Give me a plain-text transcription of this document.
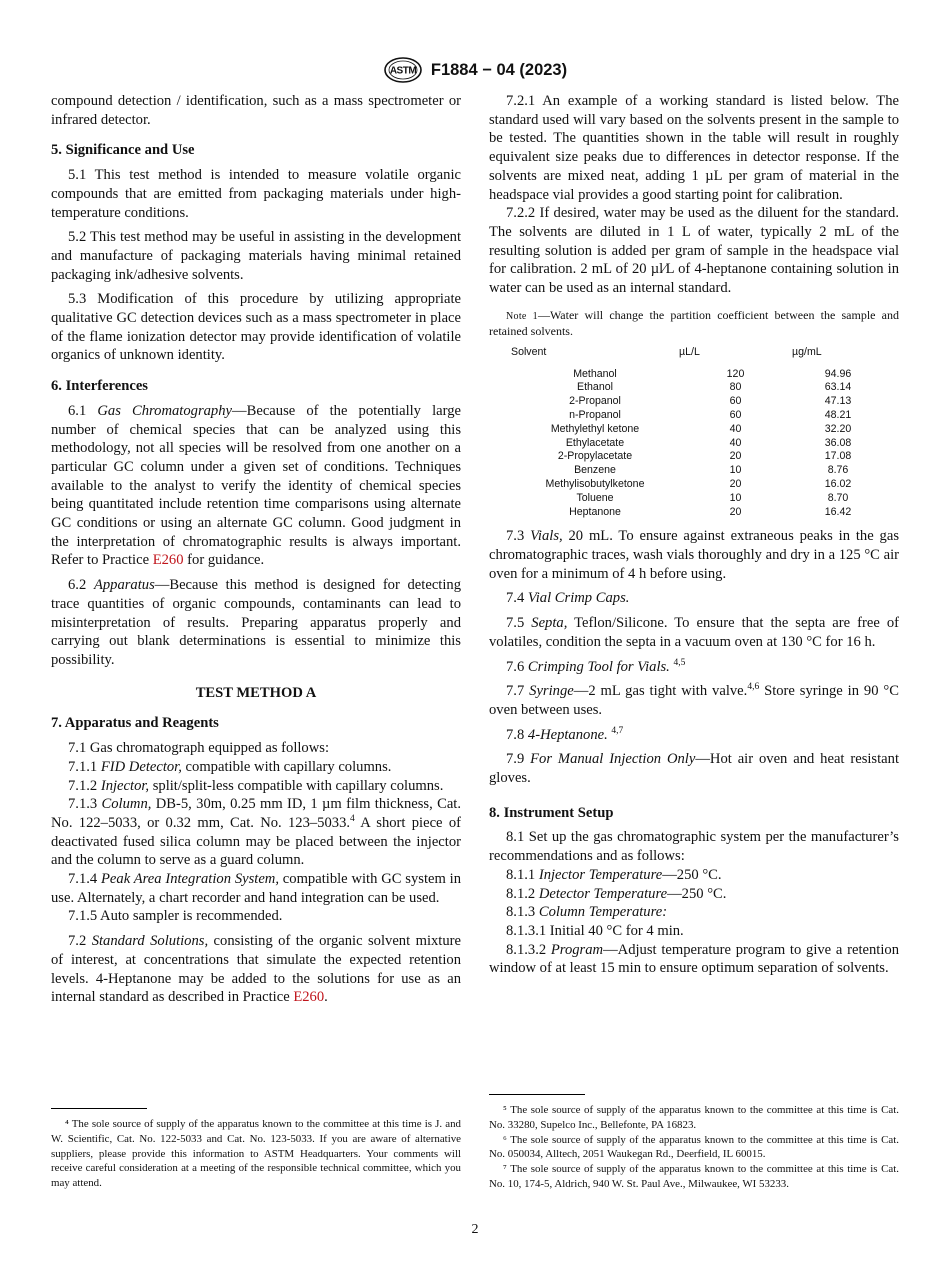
ASTM F1884 − 04 (2023)

compound detection / identification, such as a mass spectrometer or infrared detector.

5. Significance and Use

5.1 This test method is intended to measure volatile organic compounds that are emitted from packaging materials under high-temperature conditions.

5.2 This test method may be useful in assisting in the development and manufacture of packaging materials having minimal retained packaging ink/adhesive solvents.

5.3 Modification of this procedure by utilizing appropriate qualitative GC detection devices such as a mass spectrometer in place of the flame ionization detector may provide identification of volatile organics of unknown identity.

6. Interferences

6.1 Gas Chromatography—Because of the potentially large number of chemical species that can be analyzed using this methodology, not all species will be resolved from one another on a particular GC column under a given set of conditions. Techniques available to the analyst to verify the identity of chemical species being quantitated include retention time comparisons using alternate GC conditions or using an alternate GC column. Good judgment in the interpretation of chromatographic results is always important. Refer to Practice E260 for guidance.

6.2 Apparatus—Because this method is designed for detecting trace quantities of organic compounds, contaminants can lead to misinterpretation of results. Preparing apparatus properly and carrying out blank determinations is essential to minimize this possibility.

TEST METHOD A
7. Apparatus and Reagents

7.1 Gas chromatograph equipped as follows:

7.1.1 FID Detector, compatible with capillary columns.

7.1.2 Injector, split/split-less compatible with capillary columns.

7.1.3 Column, DB-5, 30m, 0.25 mm ID, 1 µm film thickness, Cat. No. 122–5033, or 0.32 mm, Cat. No. 123–5033.$^4$ A short piece of deactivated fused silica column may be placed between the injector and the column to serve as a guard column.

7.1.4 Peak Area Integration System, compatible with GC system in use. Alternately, a chart recorder and hand integration can be used.

7.1.5 Auto sampler is recommended.

7.2 Standard Solutions, consisting of the organic solvent mixture of interest, at concentrations that simulate the expected retention levels. 4-Heptanone may be added to the solutions for use as an internal standard as described in Practice E260.

⁴ The sole source of supply of the apparatus known to the committee at this time is J. and W. Scientific, Cat. No. 122-5033 and Cat. No. 123-5033. If you are aware of alternative suppliers, please provide this information to ASTM Headquarters. Your comments will receive careful consideration at a meeting of the responsible technical committee, which you may attend.

7.2.1 An example of a working standard is listed below. The standard used will vary based on the solvents present in the sample to be tested. The quantities shown in the table will result in roughly equivalent size peaks due to differences in detector response. If the solvents are mixed neat, adding 1 µL per gram of material in the headspace vial provides a good starting point for calibration.

7.2.2 If desired, water may be used as the diluent for the standard. The solvents are diluted in 1 L of water, typically 2 mL of the resulting solution is added per gram of sample in the headspace vial for calibration. 2 mL of 20 µl⁄L of 4-heptanone containing solution in water can be used as an internal standard.

Note 1—Water will change the partition coefficient between the sample and retained solvents.
Solvent	µL/L	µg/mL
Methanol	120	94.96
Ethanol	80	63.14
2-Propanol	60	47.13
n-Propanol	60	48.21
Methylethyl ketone	40	32.20
Ethylacetate	40	36.08
2-Propylacetate	20	17.08
Benzene	10	8.76
Methylisobutylketone	20	16.02
Toluene	10	8.70
Heptanone	20	16.42

7.3 Vials, 20 mL. To ensure against extraneous peaks in the gas chromatographic traces, wash vials thoroughly and dry in a 125 °C air oven for a minimum of 4 h before using.

7.4 Vial Crimp Caps.

7.5 Septa, Teflon/Silicone. To ensure that the septa are free of volatiles, condition the septa in a vacuum oven at 130 °C for 16 h.

7.6 Crimping Tool for Vials. $^{4,5}$

7.7 Syringe—2 mL gas tight with valve.$^{4,6}$ Store syringe in 90 °C oven between uses.

7.8 4-Heptanone. $^{4,7}$

7.9 For Manual Injection Only—Hot air oven and heat resistant gloves.

8. Instrument Setup

8.1 Set up the gas chromatographic system per the manufacturer’s recommendations and as follows:

8.1.1 Injector Temperature—250 °C.

8.1.2 Detector Temperature—250 °C.

8.1.3 Column Temperature:

8.1.3.1 Initial 40 °C for 4 min.

8.1.3.2 Program—Adjust temperature program to give a retention window of at least 15 min to ensure optimum separation of solvents.

⁵ The sole source of supply of the apparatus known to the committee at this time is Cat. No. 33280, Supelco Inc., Bellefonte, PA 16823.

⁶ The sole source of supply of the apparatus known to the committee at this time is Cat. No. 050034, Alltech, 2051 Waukegan Rd., Deerfield, IL 60015.

⁷ The sole source of supply of the apparatus known to the committee at this time is Cat. No. 10, 174-5, Aldrich, 940 W. St. Paul Ave., Milwaukee, WI 53233.

2
